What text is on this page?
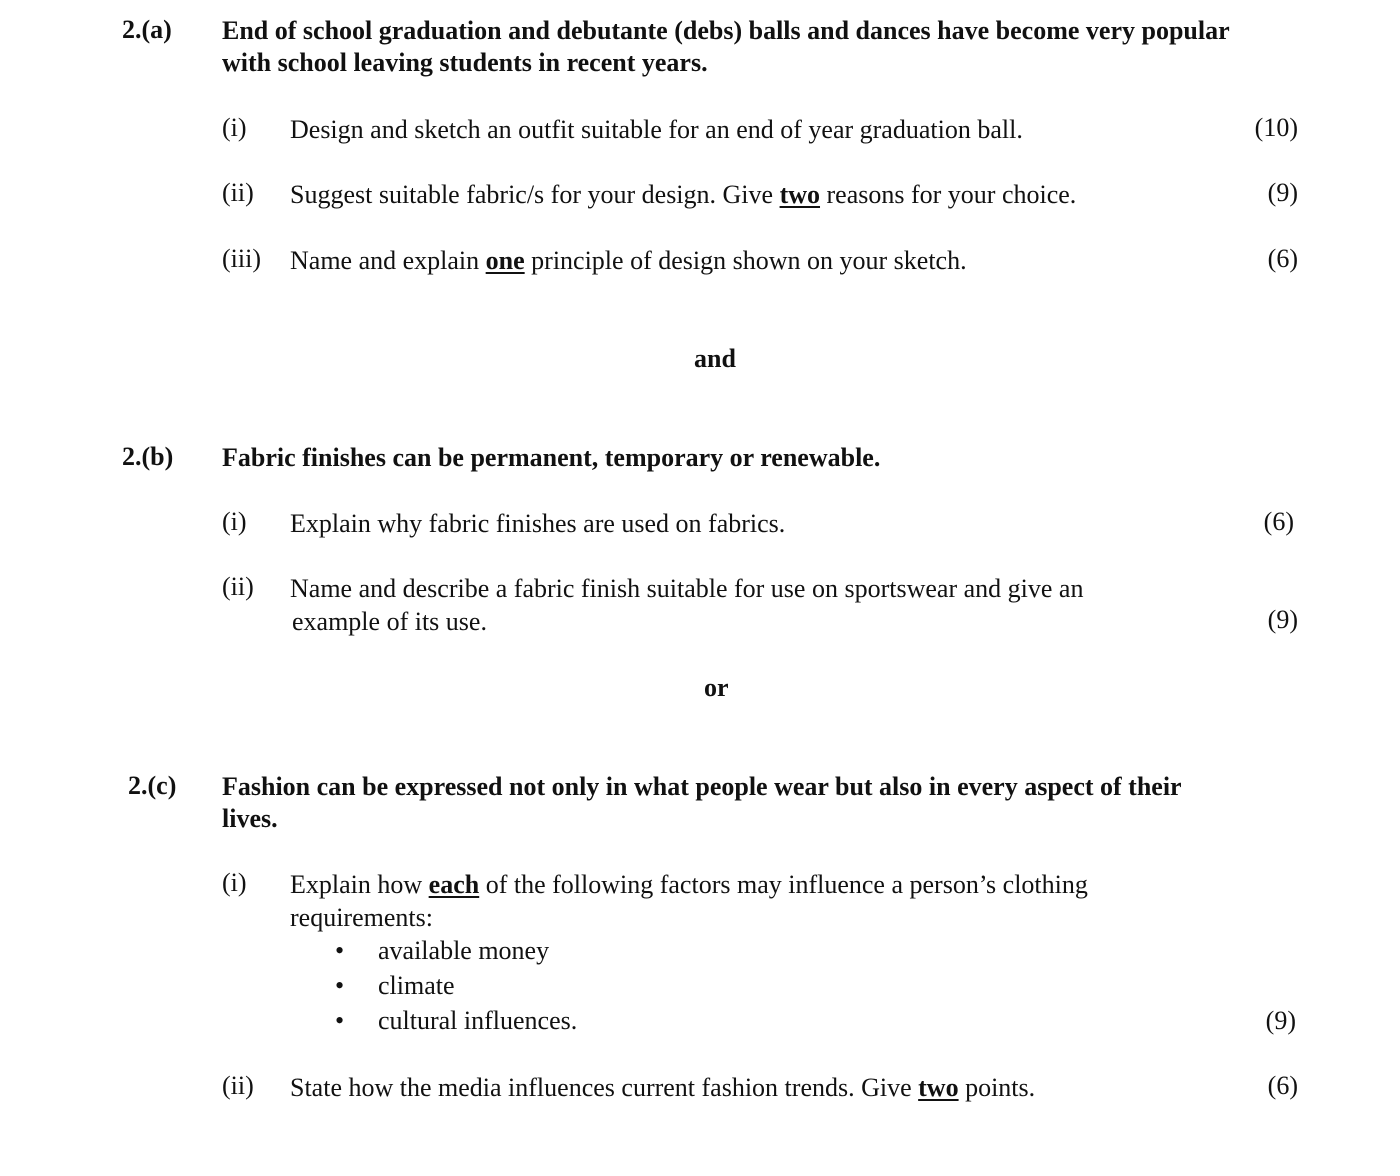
2.(a) End of school graduation and debutante (debs) balls and dances have become very popular with school leaving students in recent years.
(i) Design and sketch an outfit suitable for an end of year graduation ball.	(10)
(ii) Suggest suitable fabric/s for your design. Give two reasons for your choice.	(9)
(iii) Name and explain one principle of design shown on your sketch.	(6)
and
2.(b) Fabric finishes can be permanent, temporary or renewable.
(i) Explain why fabric finishes are used on fabrics.	(6)
(ii) Name and describe a fabric finish suitable for use on sportswear and give an
example of its use.	(9)
or
2.(c) Fashion can be expressed not only in what people wear but also in every aspect of their lives.
(i) Explain how each of the following factors may influence a person’s clothing
requirements:
• available money
• climate
• cultural influences.	(9)
(ii) State how the media influences current fashion trends. Give two points.	(6)
